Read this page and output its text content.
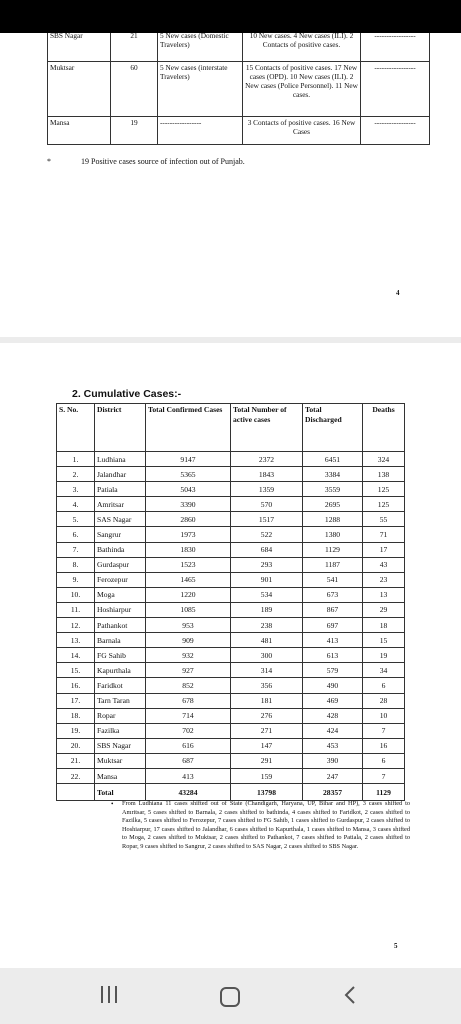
SBS Nagar	21	5 New cases (Domestic Travelers)	10 New cases. 4 New cases (ILI). 2 Contacts of positive cases.	-----------------
Muktsar	60	5 New cases (interstate Travelers)	15 Contacts of positive cases. 17 New cases (OPD). 10 New cases (ILI). 2 New cases (Police Personnel). 11 New cases.	-----------------
Mansa	19	-----------------	3 Contacts of positive cases. 16 New Cases	-----------------
*	19 Positive cases source of infection out of Punjab.
4
2. Cumulative Cases:-
S. No.	District	Total Confirmed Cases	Total Number of active cases	Total Discharged	Deaths
1.	Ludhiana	9147	2372	6451	324
2.	Jalandhar	5365	1843	3384	138
3.	Patiala	5043	1359	3559	125
4.	Amritsar	3390	570	2695	125
5.	SAS Nagar	2860	1517	1288	55
6.	Sangrur	1973	522	1380	71
7.	Bathinda	1830	684	1129	17
8.	Gurdaspur	1523	293	1187	43
9.	Ferozepur	1465	901	541	23
10.	Moga	1220	534	673	13
11.	Hoshiarpur	1085	189	867	29
12.	Pathankot	953	238	697	18
13.	Barnala	909	481	413	15
14.	FG Sahib	932	300	613	19
15.	Kapurthala	927	314	579	34
16.	Faridkot	852	356	490	6
17.	Tarn Taran	678	181	469	28
18.	Ropar	714	276	428	10
19.	Fazilka	702	271	424	7
20.	SBS Nagar	616	147	453	16
21.	Muktsar	687	291	390	6
22.	Mansa	413	159	247	7
	Total	43284	13798	28357	1129
• From Ludhiana 11 cases shifted out of State (Chandigarh, Haryana, UP, Bihar and HP), 3 cases shifted to Amritsar, 5 cases shifted to Barnala, 2 cases shifted to bathinda, 4 cases shifted to Faridkot, 2 cases shifted to Fazilka, 5 cases shifted to Ferozepur, 7 cases shifted to FG Sahib, 1 cases shifted to Gurdaspur, 2 cases shifted to Hoshiarpur, 17 cases shifted to Jalandhar, 6 cases shifted to Kapurthala, 1 cases shifted to Mansa, 3 cases shifted to Moga, 2 cases shifted to Muktsar, 2 cases shifted to Pathankot, 7 cases shifted to Patiala, 2 cases shifted to Ropar, 9 cases shifted to Sangrur, 2 cases shifted to SAS Nagar, 2 cases shifted to SBS Nagar.
5
